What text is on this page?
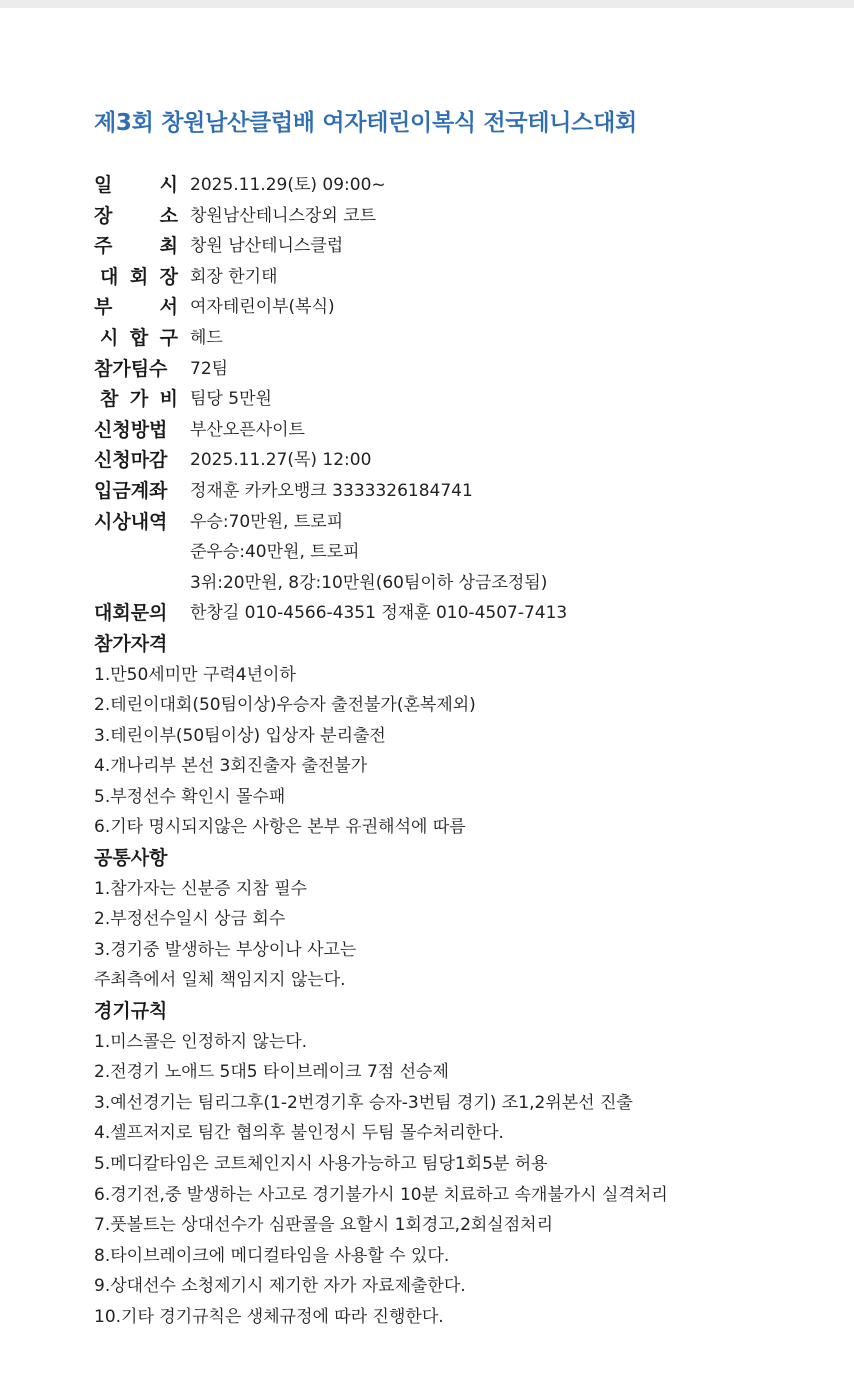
제3회 창원남산클럽배 여자테린이복식 전국테니스대회
일 시 2025.11.29(토) 09:00~
장 소 창원남산테니스장외 코트
주 최 창원 남산테니스클럽
대 회 장 회장 한기태
부 서 여자테린이부(복식)
시 합 구 헤드
참가팀수	72팀
참 가 비 팀당 5만원
신청방법	부산오픈사이트
신청마감	2025.11.27(목) 12:00
입금계좌	정재훈 카카오뱅크 3333326184741
시상내역	우승:70만원, 트로피
준우승:40만원, 트로피
3위:20만원, 8강:10만원(60팀이하 상금조정됨)
대회문의	한창길 010-4566-4351 정재훈 010-4507-7413
참가자격
1.만50세미만 구력4년이하
2.테린이대회(50팀이상)우승자 출전불가(혼복제외)
3.테린이부(50팀이상) 입상자 분리출전
4.개나리부 본선 3회진출자 출전불가
5.부정선수 확인시 몰수패
6.기타 명시되지않은 사항은 본부 유권해석에 따름
공통사항
1.참가자는 신분증 지참 필수
2.부정선수일시 상금 회수
3.경기중 발생하는 부상이나 사고는
주최측에서 일체 책임지지 않는다.
경기규칙
1.미스콜은 인정하지 않는다.
2.전경기 노애드 5대5 타이브레이크 7점 선승제
3.예선경기는 팀리그후(1-2번경기후 승자-3번팀 경기) 조1,2위본선 진출
4.셀프저지로 팀간 협의후 불인정시 두팀 몰수처리한다.
5.메디칼타임은 코트체인지시 사용가능하고 팀당1회5분 허용
6.경기전,중 발생하는 사고로 경기불가시 10분 치료하고 속개불가시 실격처리
7.풋볼트는 상대선수가 심판콜을 요할시 1회경고,2회실점처리
8.타이브레이크에 메디컬타임을 사용할 수 있다.
9.상대선수 소청제기시 제기한 자가 자료제출한다.
10.기타 경기규칙은 생체규정에 따라 진행한다.
